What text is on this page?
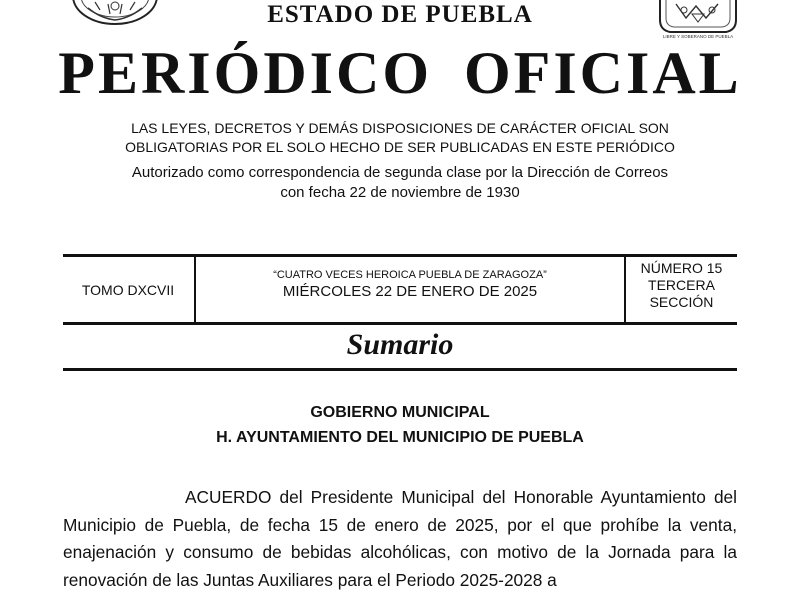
LIBRE Y SOBERANO DE PUEBLA
ESTADO DE PUEBLA
PERIÓDICO OFICIAL
LAS LEYES, DECRETOS Y DEMÁS DISPOSICIONES DE CARÁCTER OFICIAL SON
OBLIGATORIAS POR EL SOLO HECHO DE SER PUBLICADAS EN ESTE PERIÓDICO
Autorizado como correspondencia de segunda clase por la Dirección de Correos
con fecha 22 de noviembre de 1930
TOMO DXCVII
“CUATRO VECES HEROICA PUEBLA DE ZARAGOZA”
MIÉRCOLES 22 DE ENERO DE 2025
NÚMERO 15
TERCERA
SECCIÓN
Sumario
GOBIERNO MUNICIPAL
H. AYUNTAMIENTO DEL MUNICIPIO DE PUEBLA
ACUERDO del Presidente Municipal del Honorable Ayuntamiento del Municipio de Puebla, de fecha 15 de enero de 2025, por el que prohíbe la venta, enajenación y consumo de bebidas alcohólicas, con motivo de la Jornada para la renovación de las Juntas Auxiliares para el Periodo 2025-2028 a
